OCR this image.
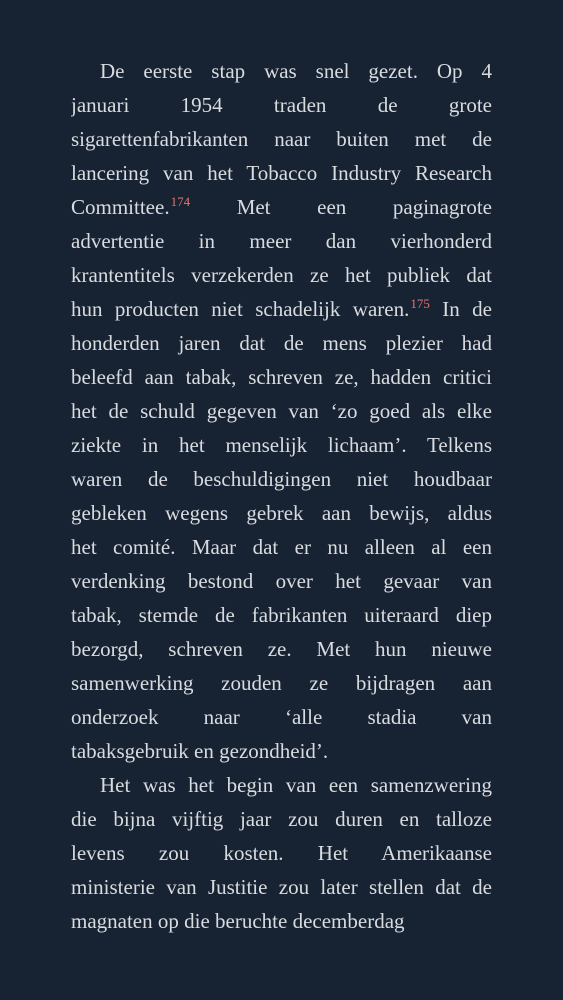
De eerste stap was snel gezet. Op 4
januari 1954 traden de grote
sigarettenfabrikanten naar buiten met de
lancering van het Tobacco Industry Research
Committee.$^{174}$ Met een paginagrote
advertentie in meer dan vierhonderd
krantentitels verzekerden ze het publiek dat
hun producten niet schadelijk waren.$^{175}$ In de
honderden jaren dat de mens plezier had
beleefd aan tabak, schreven ze, hadden critici
het de schuld gegeven van ‘zo goed als elke
ziekte in het menselijk lichaam’. Telkens
waren de beschuldigingen niet houdbaar
gebleken wegens gebrek aan bewijs, aldus
het comité. Maar dat er nu alleen al een
verdenking bestond over het gevaar van
tabak, stemde de fabrikanten uiteraard diep
bezorgd, schreven ze. Met hun nieuwe
samenwerking zouden ze bijdragen aan
onderzoek naar ‘alle stadia van
tabaksgebruik en gezondheid’.

Het was het begin van een samenzwering
die bijna vijftig jaar zou duren en talloze
levens zou kosten. Het Amerikaanse
ministerie van Justitie zou later stellen dat de
magnaten op die beruchte decemberdag
